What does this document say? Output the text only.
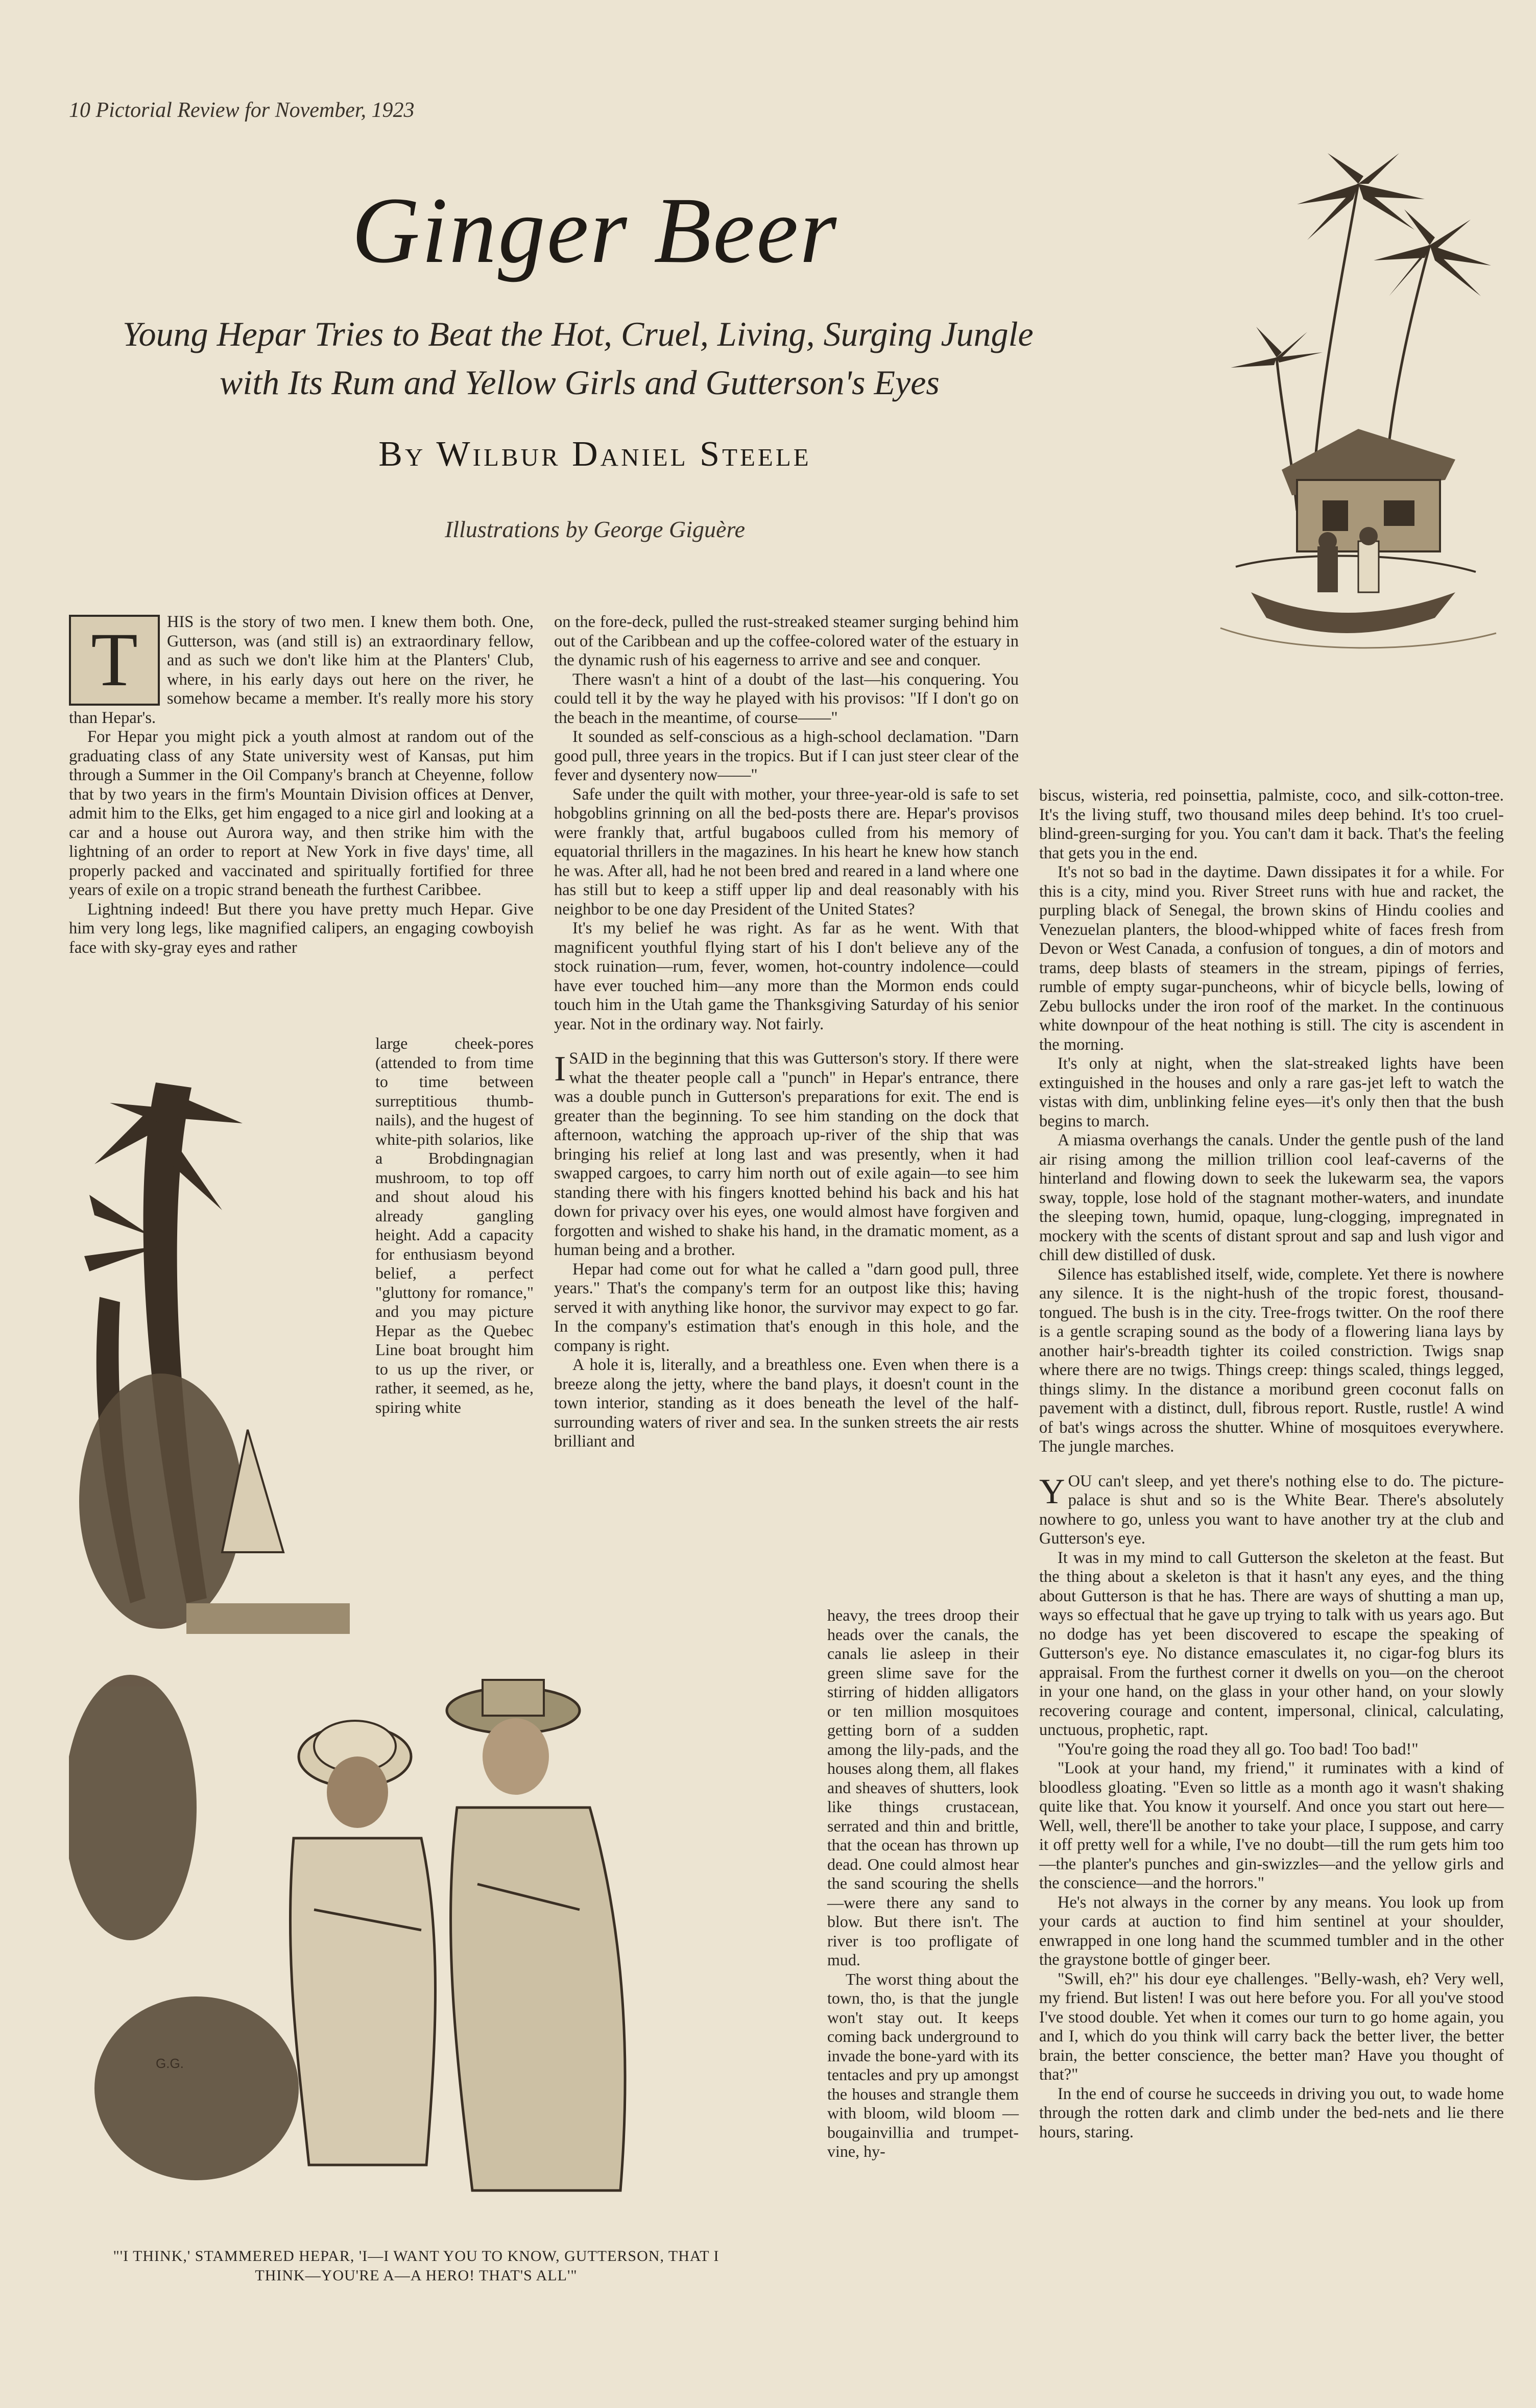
10 Pictorial Review for November, 1923
Ginger Beer
Young Hepar Tries to Beat the Hot, Cruel, Living, Surging Jungle
with Its Rum and Yellow Girls and Gutterson's Eyes
By Wilbur Daniel Steele
Illustrations by George Giguère
T	HIS is the story of two men. I knew them both. One, Gutterson, was (and still is) an extraordinary fellow, and as such we don't like him at the Planters' Club, where, in his early days out here on the river, he somehow became a member. It's really more his story than Hepar's.

For Hepar you might pick a youth almost at random out of the graduating class of any State university west of Kansas, put him through a Summer in the Oil Company's branch at Cheyenne, follow that by two years in the firm's Mountain Division offices at Denver, admit him to the Elks, get him engaged to a nice girl and looking at a car and a house out Aurora way, and then strike him with the lightning of an order to report at New York in five days' time, all properly packed and vaccinated and spiritually fortified for three years of exile on a tropic strand beneath the furthest Caribbee.

Lightning indeed! But there you have pretty much Hepar. Give him very long legs, like magnified calipers, an engaging cowboyish face with sky-gray eyes and rather

large cheek-pores (attended to from time to time between surreptitious thumb-nails), and the hugest of white-pith solarios, like a Brobdingnagian mushroom, to top off and shout aloud his already gangling height. Add a capacity for enthusiasm beyond belief, a perfect "gluttony for romance," and you may picture Hepar as the Quebec Line boat brought him to us up the river, or rather, it seemed, as he, spiring white

G.G.
"'I THINK,' STAMMERED HEPAR, 'I—I WANT YOU TO KNOW, GUTTERSON, THAT I
THINK—YOU'RE A—A HERO! THAT'S ALL'"

on the fore-deck, pulled the rust-streaked steamer surging behind him out of the Caribbean and up the coffee-colored water of the estuary in the dynamic rush of his eagerness to arrive and see and conquer.

There wasn't a hint of a doubt of the last—his conquering. You could tell it by the way he played with his provisos: "If I don't go on the beach in the meantime, of course——"

It sounded as self-conscious as a high-school declamation. "Darn good pull, three years in the tropics. But if I can just steer clear of the fever and dysentery now——"

Safe under the quilt with mother, your three-year-old is safe to set hobgoblins grinning on all the bed-posts there are. Hepar's provisos were frankly that, artful bugaboos culled from his memory of equatorial thrillers in the magazines. In his heart he knew how stanch he was. After all, had he not been bred and reared in a land where one has still but to keep a stiff upper lip and deal reasonably with his neighbor to be one day President of the United States?

It's my belief he was right. As far as he went. With that magnificent youthful flying start of his I don't believe any of the stock ruination—rum, fever, women, hot-country indolence—could have ever touched him—any more than the Mormon ends could touch him in the Utah game the Thanksgiving Saturday of his senior year. Not in the ordinary way. Not fairly.

ISAID in the beginning that this was Gutterson's story. If there were what the theater people call a "punch" in Hepar's entrance, there was a double punch in Gutterson's preparations for exit. The end is greater than the beginning. To see him standing on the dock that afternoon, watching the approach up-river of the ship that was bringing his relief at long last and was presently, when it had swapped cargoes, to carry him north out of exile again—to see him standing there with his fingers knotted behind his back and his hat down for privacy over his eyes, one would almost have forgiven and forgotten and wished to shake his hand, in the dramatic moment, as a human being and a brother.

Hepar had come out for what he called a "darn good pull, three years." That's the company's term for an outpost like this; having served it with anything like honor, the survivor may expect to go far. In the company's estimation that's enough in this hole, and the company is right.

A hole it is, literally, and a breathless one. Even when there is a breeze along the jetty, where the band plays, it doesn't count in the town interior, standing as it does beneath the level of the half-surrounding waters of river and sea. In the sunken streets the air rests brilliant and

heavy, the trees droop their heads over the canals, the canals lie asleep in their green slime save for the stirring of hidden alligators or ten million mosquitoes getting born of a sudden among the lily-pads, and the houses along them, all flakes and sheaves of shutters, look like things crustacean, serrated and thin and brittle, that the ocean has thrown up dead. One could almost hear the sand scouring the shells—were there any sand to blow. But there isn't. The river is too profligate of mud.

The worst thing about the town, tho, is that the jungle won't stay out. It keeps coming back underground to invade the bone-yard with its tentacles and pry up amongst the houses and strangle them with bloom, wild bloom — bougainvillia and trumpet-vine, hy-

biscus, wisteria, red poinsettia, palmiste, coco, and silk-cotton-tree. It's the living stuff, two thousand miles deep behind. It's too cruel-blind-green-surging for you. You can't dam it back. That's the feeling that gets you in the end.

It's not so bad in the daytime. Dawn dissipates it for a while. For this is a city, mind you. River Street runs with hue and racket, the purpling black of Senegal, the brown skins of Hindu coolies and Venezuelan planters, the blood-whipped white of faces fresh from Devon or West Canada, a confusion of tongues, a din of motors and trams, deep blasts of steamers in the stream, pipings of ferries, rumble of empty sugar-puncheons, whir of bicycle bells, lowing of Zebu bullocks under the iron roof of the market. In the continuous white downpour of the heat nothing is still. The city is ascendent in the morning.

It's only at night, when the slat-streaked lights have been extinguished in the houses and only a rare gas-jet left to watch the vistas with dim, unblinking feline eyes—it's only then that the bush begins to march.

A miasma overhangs the canals. Under the gentle push of the land air rising among the million trillion cool leaf-caverns of the hinterland and flowing down to seek the lukewarm sea, the vapors sway, topple, lose hold of the stagnant mother-waters, and inundate the sleeping town, humid, opaque, lung-clogging, impregnated in mockery with the scents of distant sprout and sap and lush vigor and chill dew distilled of dusk.

Silence has established itself, wide, complete. Yet there is nowhere any silence. It is the night-hush of the tropic forest, thousand-tongued. The bush is in the city. Tree-frogs twitter. On the roof there is a gentle scraping sound as the body of a flowering liana lays by another hair's-breadth tighter its coiled constriction. Twigs snap where there are no twigs. Things creep: things scaled, things legged, things slimy. In the distance a moribund green coconut falls on pavement with a distinct, dull, fibrous report. Rustle, rustle! A wind of bat's wings across the shutter. Whine of mosquitoes everywhere. The jungle marches.

YOU can't sleep, and yet there's nothing else to do. The picture-palace is shut and so is the White Bear. There's absolutely nowhere to go, unless you want to have another try at the club and Gutterson's eye.

It was in my mind to call Gutterson the skeleton at the feast. But the thing about a skeleton is that it hasn't any eyes, and the thing about Gutterson is that he has. There are ways of shutting a man up, ways so effectual that he gave up trying to talk with us years ago. But no dodge has yet been discovered to escape the speaking of Gutterson's eye. No distance emasculates it, no cigar-fog blurs its appraisal. From the furthest corner it dwells on you—on the cheroot in your one hand, on the glass in your other hand, on your slowly recovering courage and content, impersonal, clinical, calculating, unctuous, prophetic, rapt.

"You're going the road they all go. Too bad! Too bad!"

"Look at your hand, my friend," it ruminates with a kind of bloodless gloating. "Even so little as a month ago it wasn't shaking quite like that. You know it yourself. And once you start out here— Well, well, there'll be another to take your place, I suppose, and carry it off pretty well for a while, I've no doubt—till the rum gets him too—the planter's punches and gin-swizzles—and the yellow girls and the conscience—and the horrors."

He's not always in the corner by any means. You look up from your cards at auction to find him sentinel at your shoulder, enwrapped in one long hand the scummed tumbler and in the other the graystone bottle of ginger beer.

"Swill, eh?" his dour eye challenges. "Belly-wash, eh? Very well, my friend. But listen! I was out here before you. For all you've stood I've stood double. Yet when it comes our turn to go home again, you and I, which do you think will carry back the better liver, the better brain, the better conscience, the better man? Have you thought of that?"

In the end of course he succeeds in driving you out, to wade home through the rotten dark and climb under the bed-nets and lie there hours, staring.
